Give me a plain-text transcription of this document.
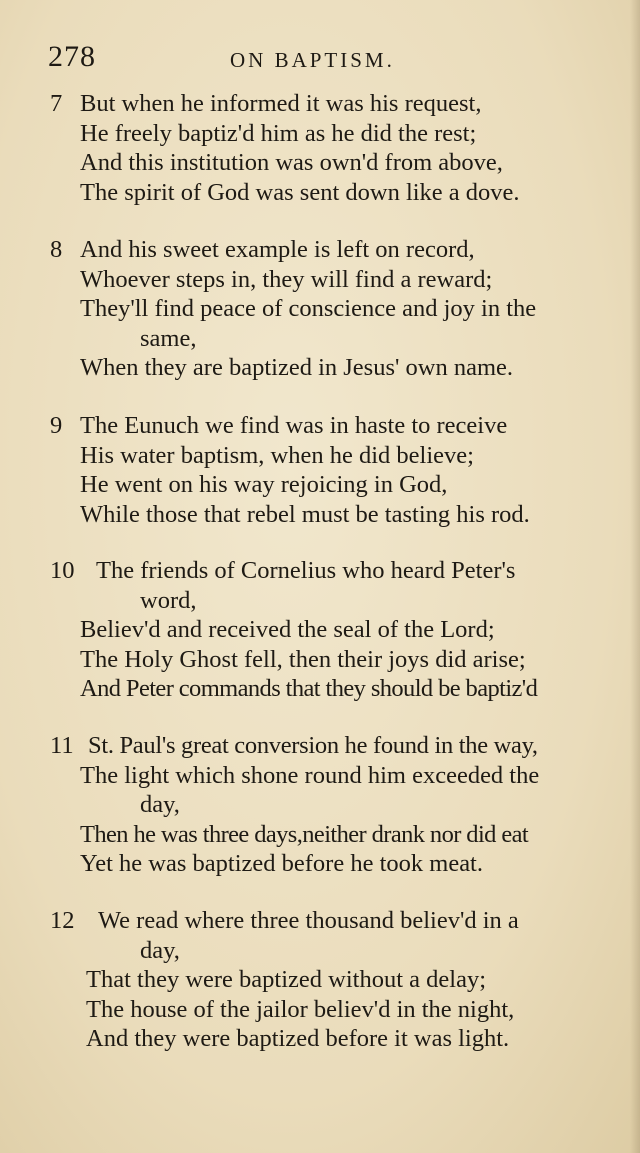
278	ON BAPTISM.
7 But when he informed it was his request,
He freely baptiz'd him as he did the rest;
And this institution was own'd from above,
The spirit of God was sent down like a dove.
8 And his sweet example is left on record,
Whoever steps in, they will find a reward;
They'll find peace of conscience and joy in the
same,
When they are baptized in Jesus' own name.
9 The Eunuch we find was in haste to receive
His water baptism, when he did believe;
He went on his way rejoicing in God,
While those that rebel must be tasting his rod.
10 The friends of Cornelius who heard Peter's
word,
Believ'd and received the seal of the Lord;
The Holy Ghost fell, then their joys did arise;
And Peter commands that they should be baptiz'd
11 St. Paul's great conversion he found in the way,
The light which shone round him exceeded the
day,
Then he was three days,neither drank nor did eat
Yet he was baptized before he took meat.
12 We read where three thousand believ'd in a
day,
That they were baptized without a delay;
The house of the jailor believ'd in the night,
And they were baptized before it was light.
